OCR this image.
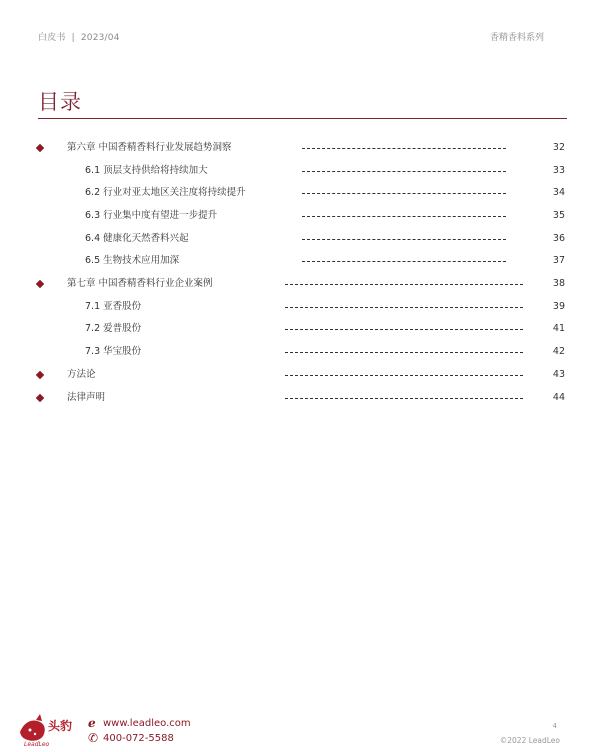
白皮书 | 2023/04	香精香料系列
目录
第六章 中国香精香料行业发展趋势洞察	32
6.1 顶层支持供给将持续加大	33
6.2 行业对亚太地区关注度将持续提升	34
6.3 行业集中度有望进一步提升	35
6.4 健康化天然香料兴起	36
6.5 生物技术应用加深	37
第七章 中国香精香料行业企业案例	38
7.1 亚香股份	39
7.2 爱普股份	41
7.3 华宝股份	42
方法论	43
法律声明	44
头豹
LeadLeo
ℯ www.leadleo.com
✆ 400-072-5588
4
©2022 LeadLeo
